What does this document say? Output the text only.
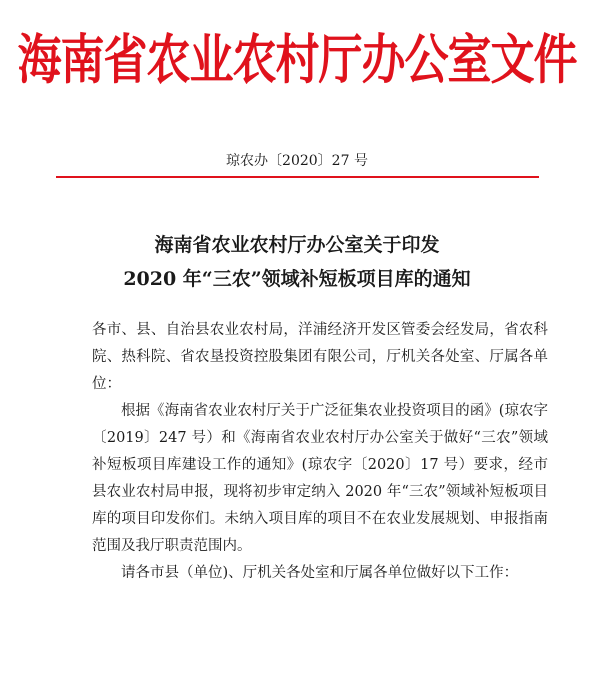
海南省农业农村厅办公室文件
琼农办〔2020〕27 号
海南省农业农村厅办公室关于印发
2020 年“三农”领域补短板项目库的通知

各市、县、自治县农业农村局，洋浦经济开发区管委会经发局，省农科院、热科院、省农垦投资控股集团有限公司，厅机关各处室、厅属各单位：

根据《海南省农业农村厅关于广泛征集农业投资项目的函》(琼农字〔2019〕247 号）和《海南省农业农村厅办公室关于做好“三农”领域补短板项目库建设工作的通知》(琼农字〔2020〕17 号）要求，经市县农业农村局申报，现将初步审定纳入 2020 年“三农”领域补短板项目库的项目印发你们。未纳入项目库的项目不在农业发展规划、申报指南范围及我厅职责范围内。

请各市县（单位)、厅机关各处室和厅属各单位做好以下工作：
